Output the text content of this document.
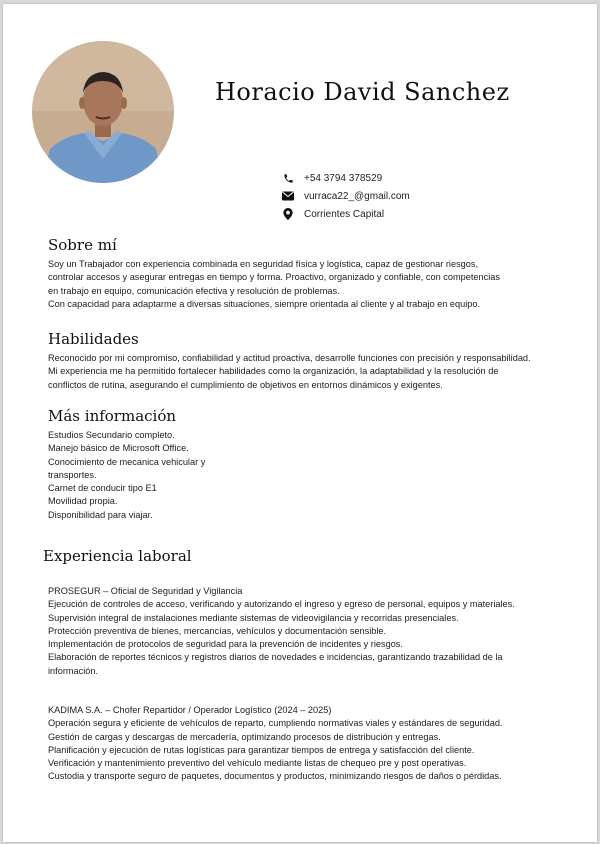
Horacio David Sanchez
+54 3794 378529
vurraca22_@gmail.com
Corrientes Capital
Sobre mí
Soy un Trabajador con experiencia combinada en seguridad física y logística, capaz de gestionar riesgos,
controlar accesos y asegurar entregas en tiempo y forma. Proactivo, organizado y confiable, con competencias
en trabajo en equipo, comunicación efectiva y resolución de problemas.
Con capacidad para adaptarme a diversas situaciones, siempre orientada al cliente y al trabajo en equipo.
Habilidades
Reconocido por mi compromiso, confiabilidad y actitud proactiva, desarrolle funciones con precisión y responsabilidad.
Mi experiencia me ha permitido fortalecer habilidades como la organización, la adaptabilidad y la resolución de
conflictos de rutina, asegurando el cumplimiento de objetivos en entornos dinámicos y exigentes.
Más información
Estudios Secundario completo.
Manejo básico de Microsoft Office.
Conocimiento de mecanica vehicular y
transportes.
Carnet de conducir tipo E1
Movilidad propia.
Disponibilidad para viajar.
Experiencia laboral
PROSEGUR – Oficial de Seguridad y Vigilancia
Ejecución de controles de acceso, verificando y autorizando el ingreso y egreso de personal, equipos y materiales.
Supervisión integral de instalaciones mediante sistemas de videovigilancia y recorridas presenciales.
Protección preventiva de bienes, mercancías, vehículos y documentación sensible.
Implementación de protocolos de seguridad para la prevención de incidentes y riesgos.
Elaboración de reportes técnicos y registros diarios de novedades e incidencias, garantizando trazabilidad de la
información.
KADIMA S.A. – Chofer Repartidor / Operador Logístico (2024 – 2025)
Operación segura y eficiente de vehículos de reparto, cumpliendo normativas viales y estándares de seguridad.
Gestión de cargas y descargas de mercadería, optimizando procesos de distribución y entregas.
Planificación y ejecución de rutas logísticas para garantizar tiempos de entrega y satisfacción del cliente.
Verificación y mantenimiento preventivo del vehículo mediante listas de chequeo pre y post operativas.
Custodia y transporte seguro de paquetes, documentos y productos, minimizando riesgos de daños o pérdidas.
